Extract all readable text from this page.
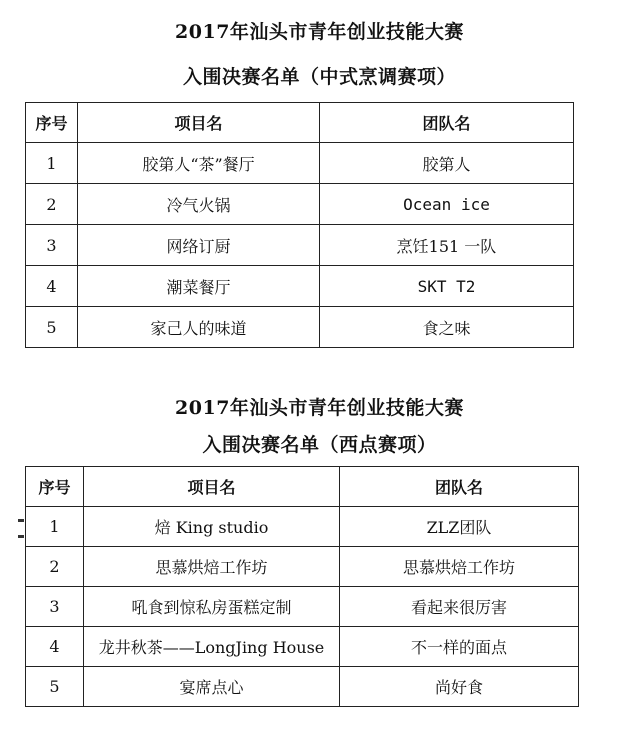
2017年汕头市青年创业技能大赛
入围决赛名单（中式烹调赛项）
序号	项目名	团队名
1	胶第人“茶”餐厅	胶第人
2	冷气火锅	Ocean ice
3	网络订厨	烹饪151 一队
4	潮菜餐厅	SKT T2
5	家己人的味道	食之味
2017年汕头市青年创业技能大赛
入围决赛名单（西点赛项）
序号	项目名	团队名
1	焙 King studio	ZLZ团队
2	思慕烘焙工作坊	思慕烘焙工作坊
3	吼食到惊私房蛋糕定制	看起来很厉害
4	龙井秋茶——LongJing House	不一样的面点
5	宴席点心	尚好食
